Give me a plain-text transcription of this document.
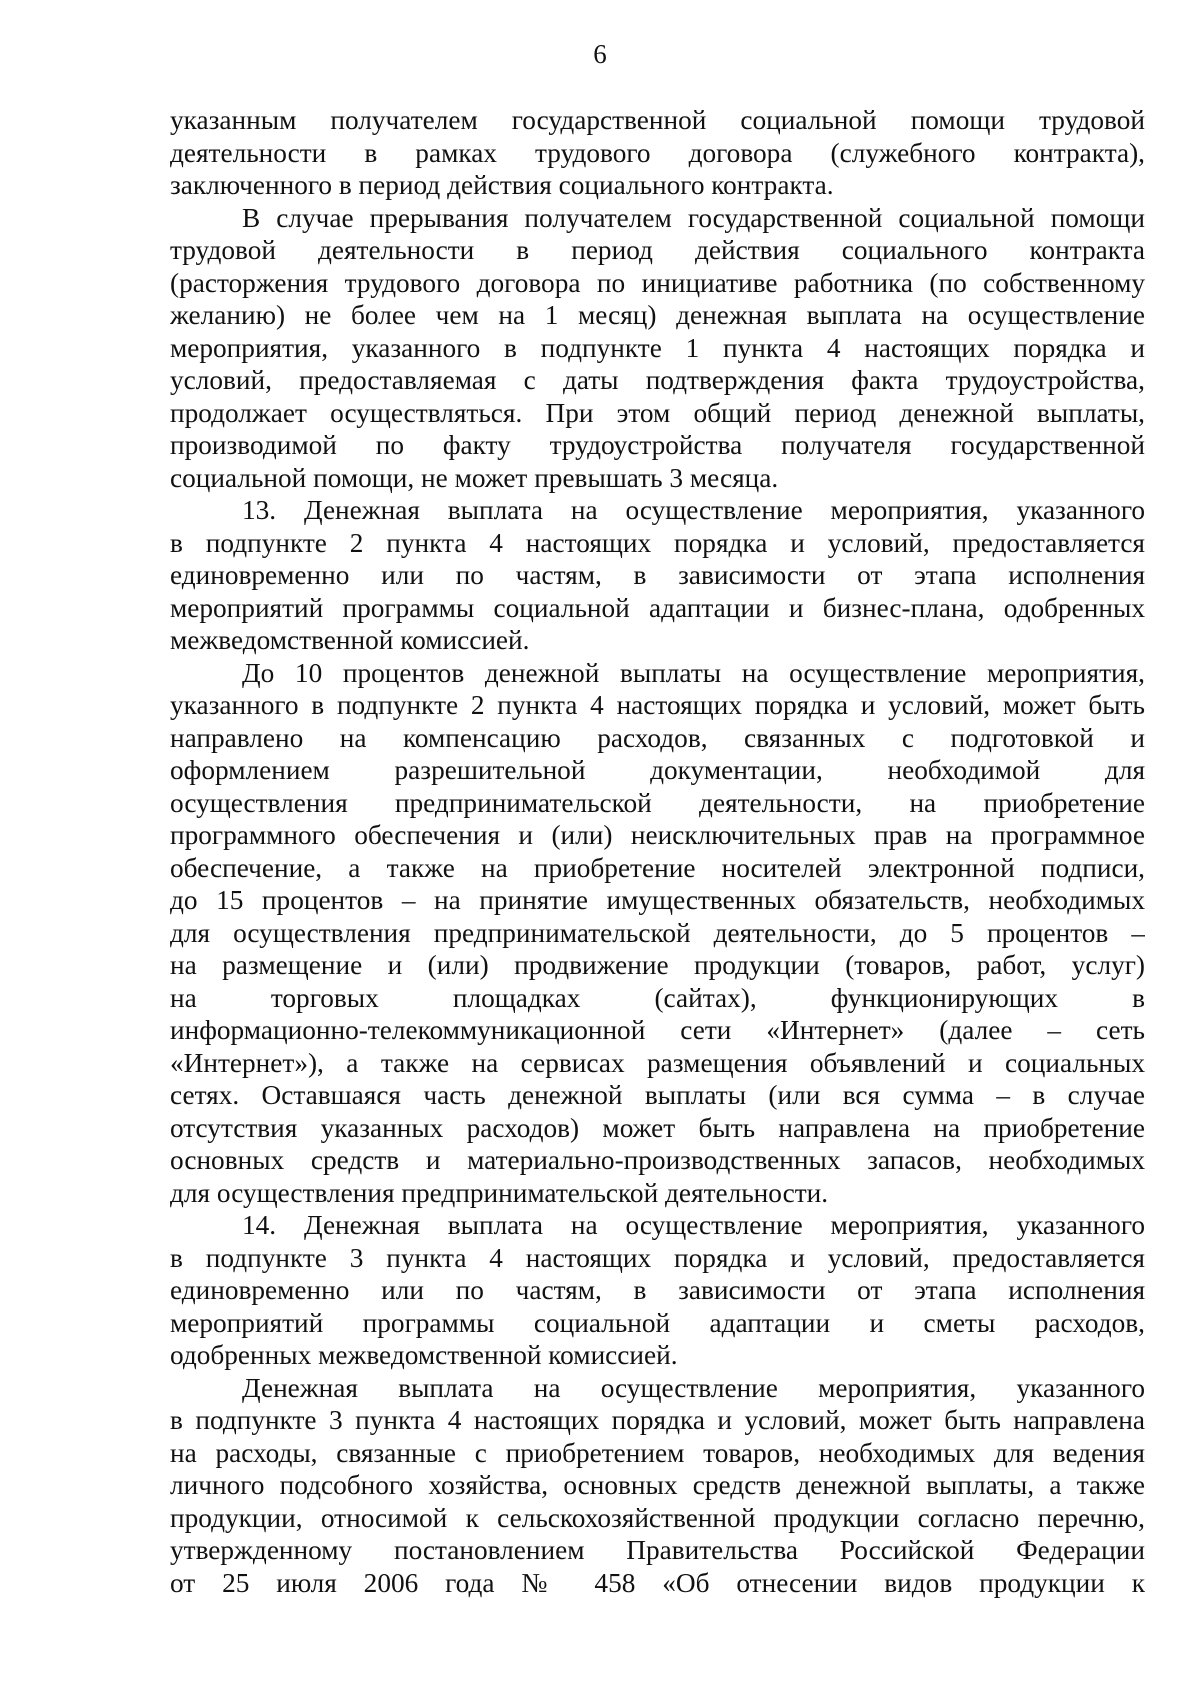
6
указанным получателем государственной социальной помощи трудовой
деятельности в рамках трудового договора (служебного контракта),
заключенного в период действия социального контракта.
В случае прерывания получателем государственной социальной помощи
трудовой деятельности в период действия социального контракта
(расторжения трудового договора по инициативе работника (по собственному
желанию) не более чем на 1 месяц) денежная выплата на осуществление
мероприятия, указанного в подпункте 1 пункта 4 настоящих порядка и
условий, предоставляемая с даты подтверждения факта трудоустройства,
продолжает осуществляться. При этом общий период денежной выплаты,
производимой по факту трудоустройства получателя государственной
социальной помощи, не может превышать 3 месяца.
13. Денежная выплата на осуществление мероприятия, указанного
в подпункте 2 пункта 4 настоящих порядка и условий, предоставляется
единовременно или по частям, в зависимости от этапа исполнения
мероприятий программы социальной адаптации и бизнес-плана, одобренных
межведомственной комиссией.
До 10 процентов денежной выплаты на осуществление мероприятия,
указанного в подпункте 2 пункта 4 настоящих порядка и условий, может быть
направлено на компенсацию расходов, связанных с подготовкой и
оформлением разрешительной документации, необходимой для
осуществления предпринимательской деятельности, на приобретение
программного обеспечения и (или) неисключительных прав на программное
обеспечение, а также на приобретение носителей электронной подписи,
до 15 процентов – на принятие имущественных обязательств, необходимых
для осуществления предпринимательской деятельности, до 5 процентов –
на размещение и (или) продвижение продукции (товаров, работ, услуг)
на торговых площадках (сайтах), функционирующих в
информационно-телекоммуникационной сети «Интернет» (далее – сеть
«Интернет»), а также на сервисах размещения объявлений и социальных
сетях. Оставшаяся часть денежной выплаты (или вся сумма – в случае
отсутствия указанных расходов) может быть направлена на приобретение
основных средств и материально-производственных запасов, необходимых
для осуществления предпринимательской деятельности.
14. Денежная выплата на осуществление мероприятия, указанного
в подпункте 3 пункта 4 настоящих порядка и условий, предоставляется
единовременно или по частям, в зависимости от этапа исполнения
мероприятий программы социальной адаптации и сметы расходов,
одобренных межведомственной комиссией.
Денежная выплата на осуществление мероприятия, указанного
в подпункте 3 пункта 4 настоящих порядка и условий, может быть направлена
на расходы, связанные с приобретением товаров, необходимых для ведения
личного подсобного хозяйства, основных средств денежной выплаты, а также
продукции, относимой к сельскохозяйственной продукции согласно перечню,
утвержденному постановлением Правительства Российской Федерации
от 25 июля 2006 года № 458 «Об отнесении видов продукции к
